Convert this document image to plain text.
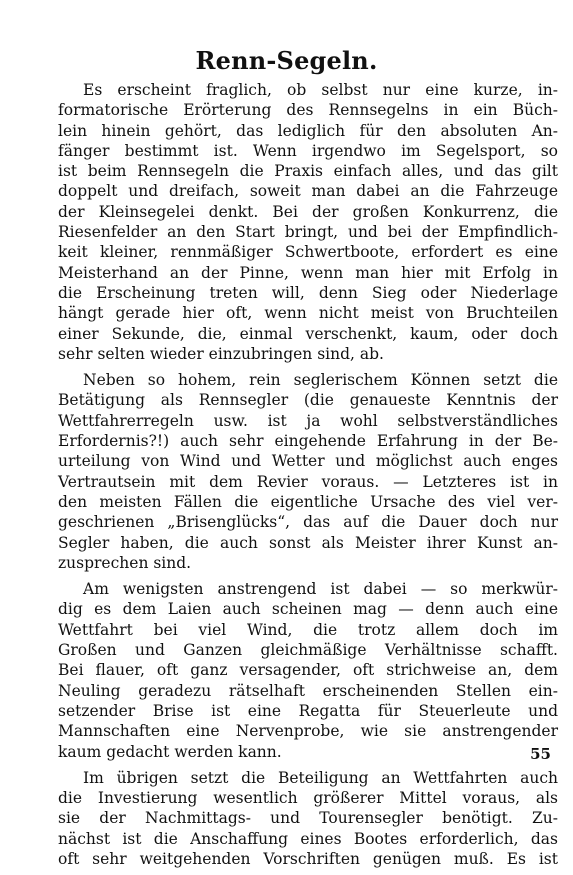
Renn-Segeln.
Es erscheint fraglich, ob selbst nur eine kurze, in-
formatorische Erörterung des Rennsegelns in ein Büch-
lein hinein gehört, das lediglich für den absoluten An-
fänger bestimmt ist. Wenn irgendwo im Segelsport, so
ist beim Rennsegeln die Praxis einfach alles, und das gilt
doppelt und dreifach, soweit man dabei an die Fahrzeuge
der Kleinsegelei denkt. Bei der großen Konkurrenz, die
Riesenfelder an den Start bringt, und bei der Empfindlich-
keit kleiner, rennmäßiger Schwertboote, erfordert es eine
Meisterhand an der Pinne, wenn man hier mit Erfolg in
die Erscheinung treten will, denn Sieg oder Niederlage
hängt gerade hier oft, wenn nicht meist von Bruchteilen
einer Sekunde, die, einmal verschenkt, kaum, oder doch
sehr selten wieder einzubringen sind, ab.
Neben so hohem, rein seglerischem Können setzt die
Betätigung als Rennsegler (die genaueste Kenntnis der
Wettfahrerregeln usw. ist ja wohl selbstverständliches
Erfordernis?!) auch sehr eingehende Erfahrung in der Be-
urteilung von Wind und Wetter und möglichst auch enges
Vertrautsein mit dem Revier voraus. — Letzteres ist in
den meisten Fällen die eigentliche Ursache des viel ver-
geschrienen „Brisenglücks“, das auf die Dauer doch nur
Segler haben, die auch sonst als Meister ihrer Kunst an-
zusprechen sind.
Am wenigsten anstrengend ist dabei — so merkwür-
dig es dem Laien auch scheinen mag — denn auch eine
Wettfahrt bei viel Wind, die trotz allem doch im
Großen und Ganzen gleichmäßige Verhältnisse schafft.
Bei flauer, oft ganz versagender, oft strichweise an, dem
Neuling geradezu rätselhaft erscheinenden Stellen ein-
setzender Brise ist eine Regatta für Steuerleute und
Mannschaften eine Nervenprobe, wie sie anstrengender
kaum gedacht werden kann.
Im übrigen setzt die Beteiligung an Wettfahrten auch
die Investierung wesentlich größerer Mittel voraus, als
sie der Nachmittags- und Tourensegler benötigt. Zu-
nächst ist die Anschaffung eines Bootes erforderlich, das
oft sehr weitgehenden Vorschriften genügen muß. Es ist
55
